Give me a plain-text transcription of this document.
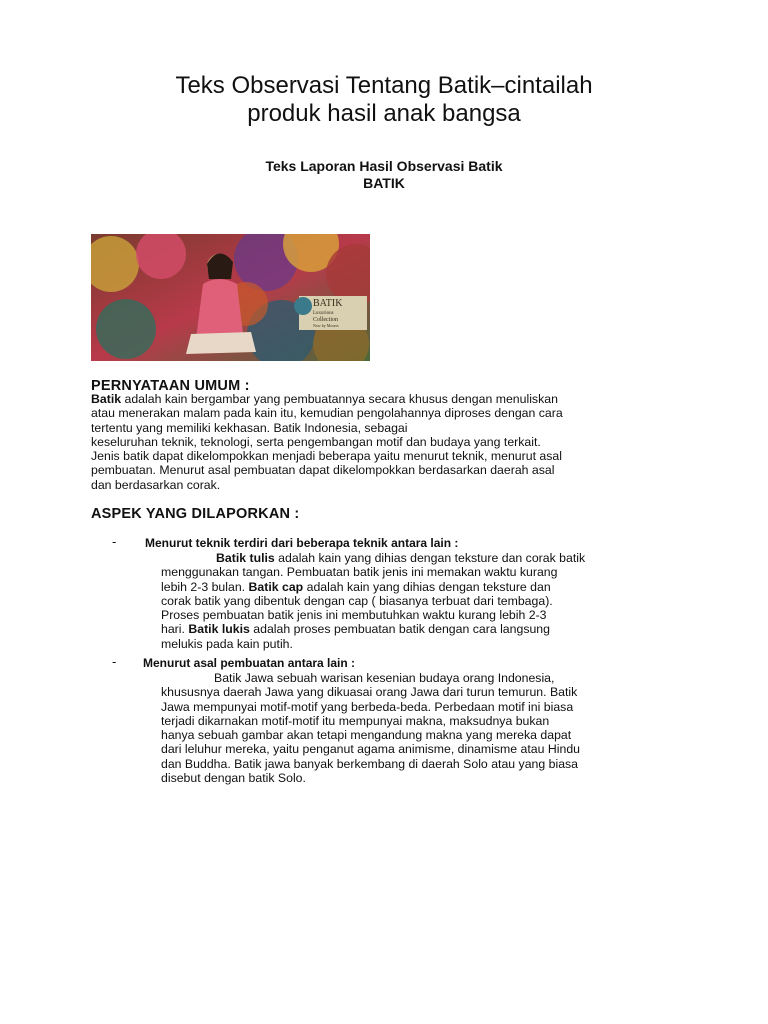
Teks Observasi Tentang Batik–cintailah
produk hasil anak bangsa
Teks Laporan Hasil Observasi Batik
BATIK
BATIK
Luxurious
Collection
Now by Mosers
PERNYATAAN UMUM :
Batik adalah kain bergambar yang pembuatannya secara khusus dengan menuliskan
atau menerakan malam pada kain itu, kemudian pengolahannya diproses dengan cara
tertentu yang memiliki kekhasan. Batik Indonesia, sebagai
keseluruhan teknik, teknologi, serta pengembangan motif dan budaya yang terkait.
Jenis batik dapat dikelompokkan menjadi beberapa yaitu menurut teknik, menurut asal
pembuatan. Menurut asal pembuatan dapat dikelompokkan berdasarkan daerah asal
dan berdasarkan corak.
ASPEK YANG DILAPORKAN :
- Menurut teknik terdiri dari beberapa teknik antara lain :
Batik tulis adalah kain yang dihias dengan teksture dan corak batik
menggunakan tangan. Pembuatan batik jenis ini memakan waktu kurang
lebih 2-3 bulan. Batik cap adalah kain yang dihias dengan teksture dan
corak batik yang dibentuk dengan cap ( biasanya terbuat dari tembaga).
Proses pembuatan batik jenis ini membutuhkan waktu kurang lebih 2-3
hari. Batik lukis adalah proses pembuatan batik dengan cara langsung
melukis pada kain putih.
- Menurut asal pembuatan antara lain :
Batik Jawa sebuah warisan kesenian budaya orang Indonesia,
khususnya daerah Jawa yang dikuasai orang Jawa dari turun temurun. Batik
Jawa mempunyai motif-motif yang berbeda-beda. Perbedaan motif ini biasa
terjadi dikarnakan motif-motif itu mempunyai makna, maksudnya bukan
hanya sebuah gambar akan tetapi mengandung makna yang mereka dapat
dari leluhur mereka, yaitu penganut agama animisme, dinamisme atau Hindu
dan Buddha. Batik jawa banyak berkembang di daerah Solo atau yang biasa
disebut dengan batik Solo.
